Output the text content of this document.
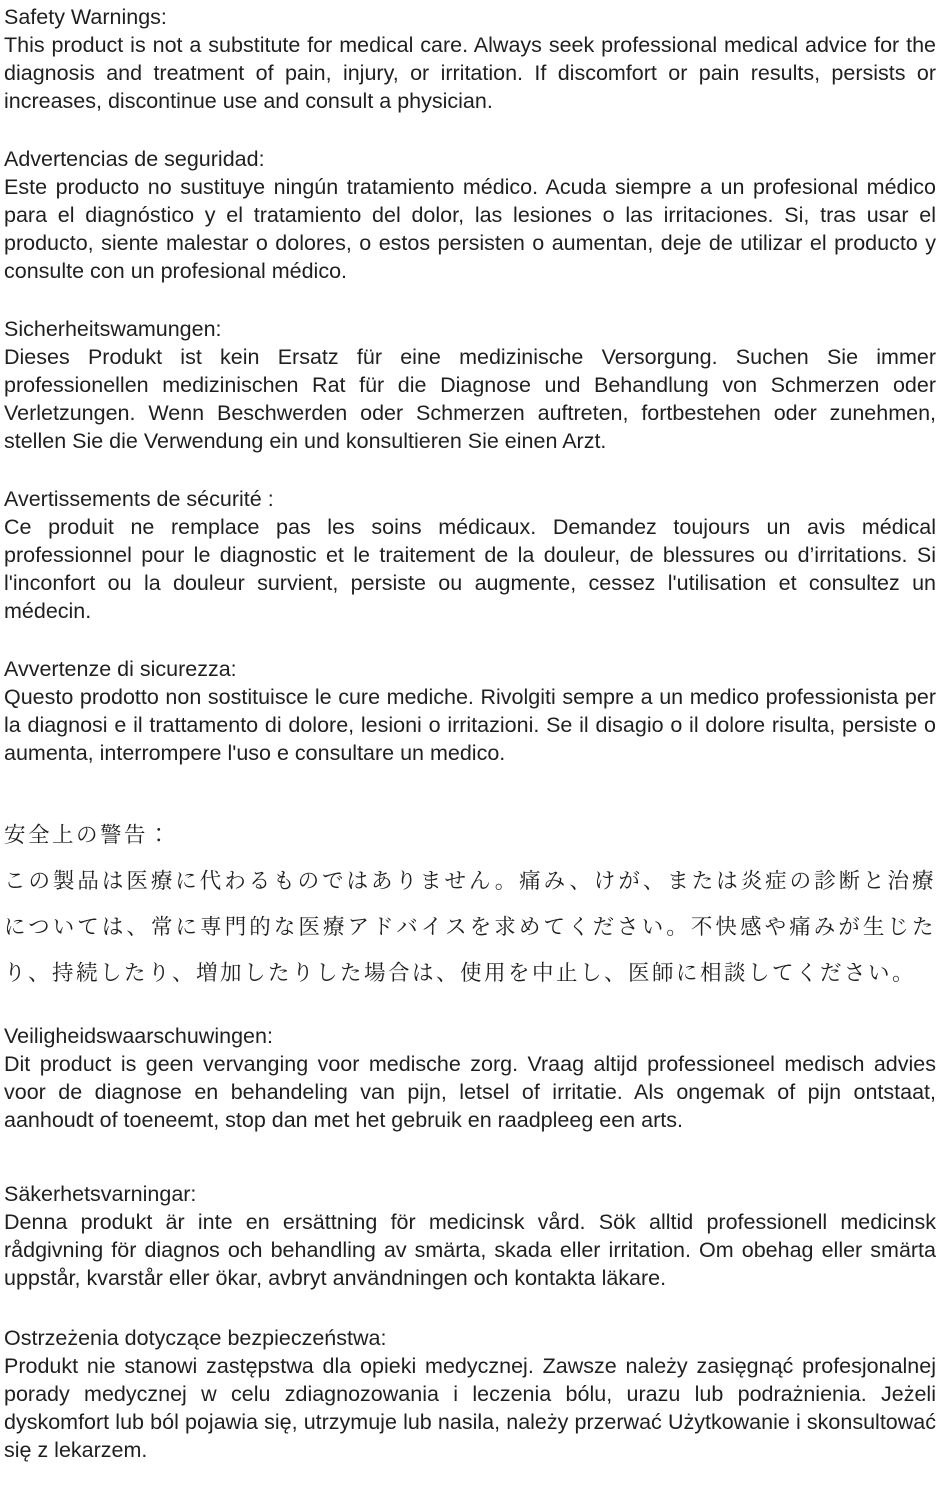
Safety Warnings:

This product is not a substitute for medical care. Always seek professional medical advice for the diagnosis and treatment of pain, injury, or irritation. If discomfort or pain results, persists or increases, discontinue use and consult a physician.

Advertencias de seguridad:

Este producto no sustituye ningún tratamiento médico. Acuda siempre a un profesional médico para el diagnóstico y el tratamiento del dolor, las lesiones o las irritaciones. Si, tras usar el producto, siente malestar o dolores, o estos persisten o aumentan, deje de utilizar el producto y consulte con un profesional médico.

Sicherheitswamungen:

Dieses Produkt ist kein Ersatz für eine medizinische Versorgung. Suchen Sie immer professionellen medizinischen Rat für die Diagnose und Behandlung von Schmerzen oder Verletzungen. Wenn Beschwerden oder Schmerzen auftreten, fortbestehen oder zunehmen, stellen Sie die Verwendung ein und konsultieren Sie einen Arzt.

Avertissements de sécurité :

Ce produit ne remplace pas les soins médicaux. Demandez toujours un avis médical professionnel pour le diagnostic et le traitement de la douleur, de blessures ou d’irritations. Si l'inconfort ou la douleur survient, persiste ou augmente, cessez l'utilisation et consultez un médecin.

Avvertenze di sicurezza:

Questo prodotto non sostituisce le cure mediche. Rivolgiti sempre a un medico professionista per la diagnosi e il trattamento di dolore, lesioni o irritazioni. Se il disagio o il dolore risulta, persiste o aumenta, interrompere l'uso e consultare un medico.

安全上の警告：

この製品は医療に代わるものではありません。痛み、けが、または炎症の診断と治療については、常に専門的な医療アドバイスを求めてください。不快感や痛みが生じたり、持続したり、増加したりした場合は、使用を中止し、医師に相談してください。

Veiligheidswaarschuwingen:

Dit product is geen vervanging voor medische zorg. Vraag altijd professioneel medisch advies voor de diagnose en behandeling van pijn, letsel of irritatie. Als ongemak of pijn ontstaat, aanhoudt of toeneemt, stop dan met het gebruik en raadpleeg een arts.

Säkerhetsvarningar:

Denna produkt är inte en ersättning för medicinsk vård. Sök alltid professionell medicinsk rådgivning för diagnos och behandling av smärta, skada eller irritation. Om obehag eller smärta uppstår, kvarstår eller ökar, avbryt användningen och kontakta läkare.

Ostrzeżenia dotyczące bezpieczeństwa:

Produkt nie stanowi zastępstwa dla opieki medycznej. Zawsze należy zasięgnąć profesjonalnej porady medycznej w celu zdiagnozowania i leczenia bólu, urazu lub podrażnienia. Jeżeli dyskomfort lub ból pojawia się, utrzymuje lub nasila, należy przerwać Użytkowanie i skonsultować się z lekarzem.
